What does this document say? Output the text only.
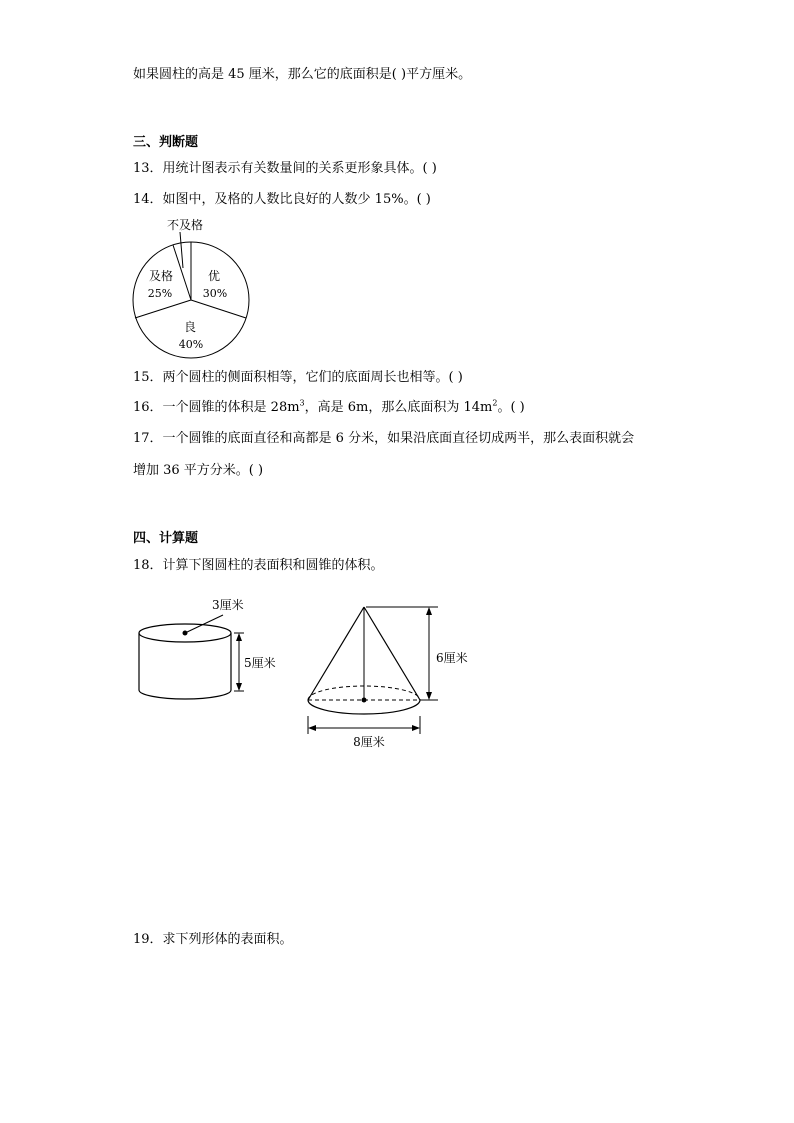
如果圆柱的高是 45 厘米，那么它的底面积是( )平方厘米。
三、判断题
13．用统计图表示有关数量间的关系更形象具体。( )
14．如图中，及格的人数比良好的人数少 15%。( )
不及格
优
30%
良
40%
及格
25%
15．两个圆柱的侧面积相等，它们的底面周长也相等。( )
16．一个圆锥的体积是 $28m^3$，高是 6m，那么底面积为 $14m^2$。( )
17．一个圆锥的底面直径和高都是 6 分米，如果沿底面直径切成两半，那么表面积就会
增加 36 平方分米。( )
四、计算题
18．计算下图圆柱的表面积和圆锥的体积。
3厘米
5厘米	6厘米
8厘米
19．求下列形体的表面积。
